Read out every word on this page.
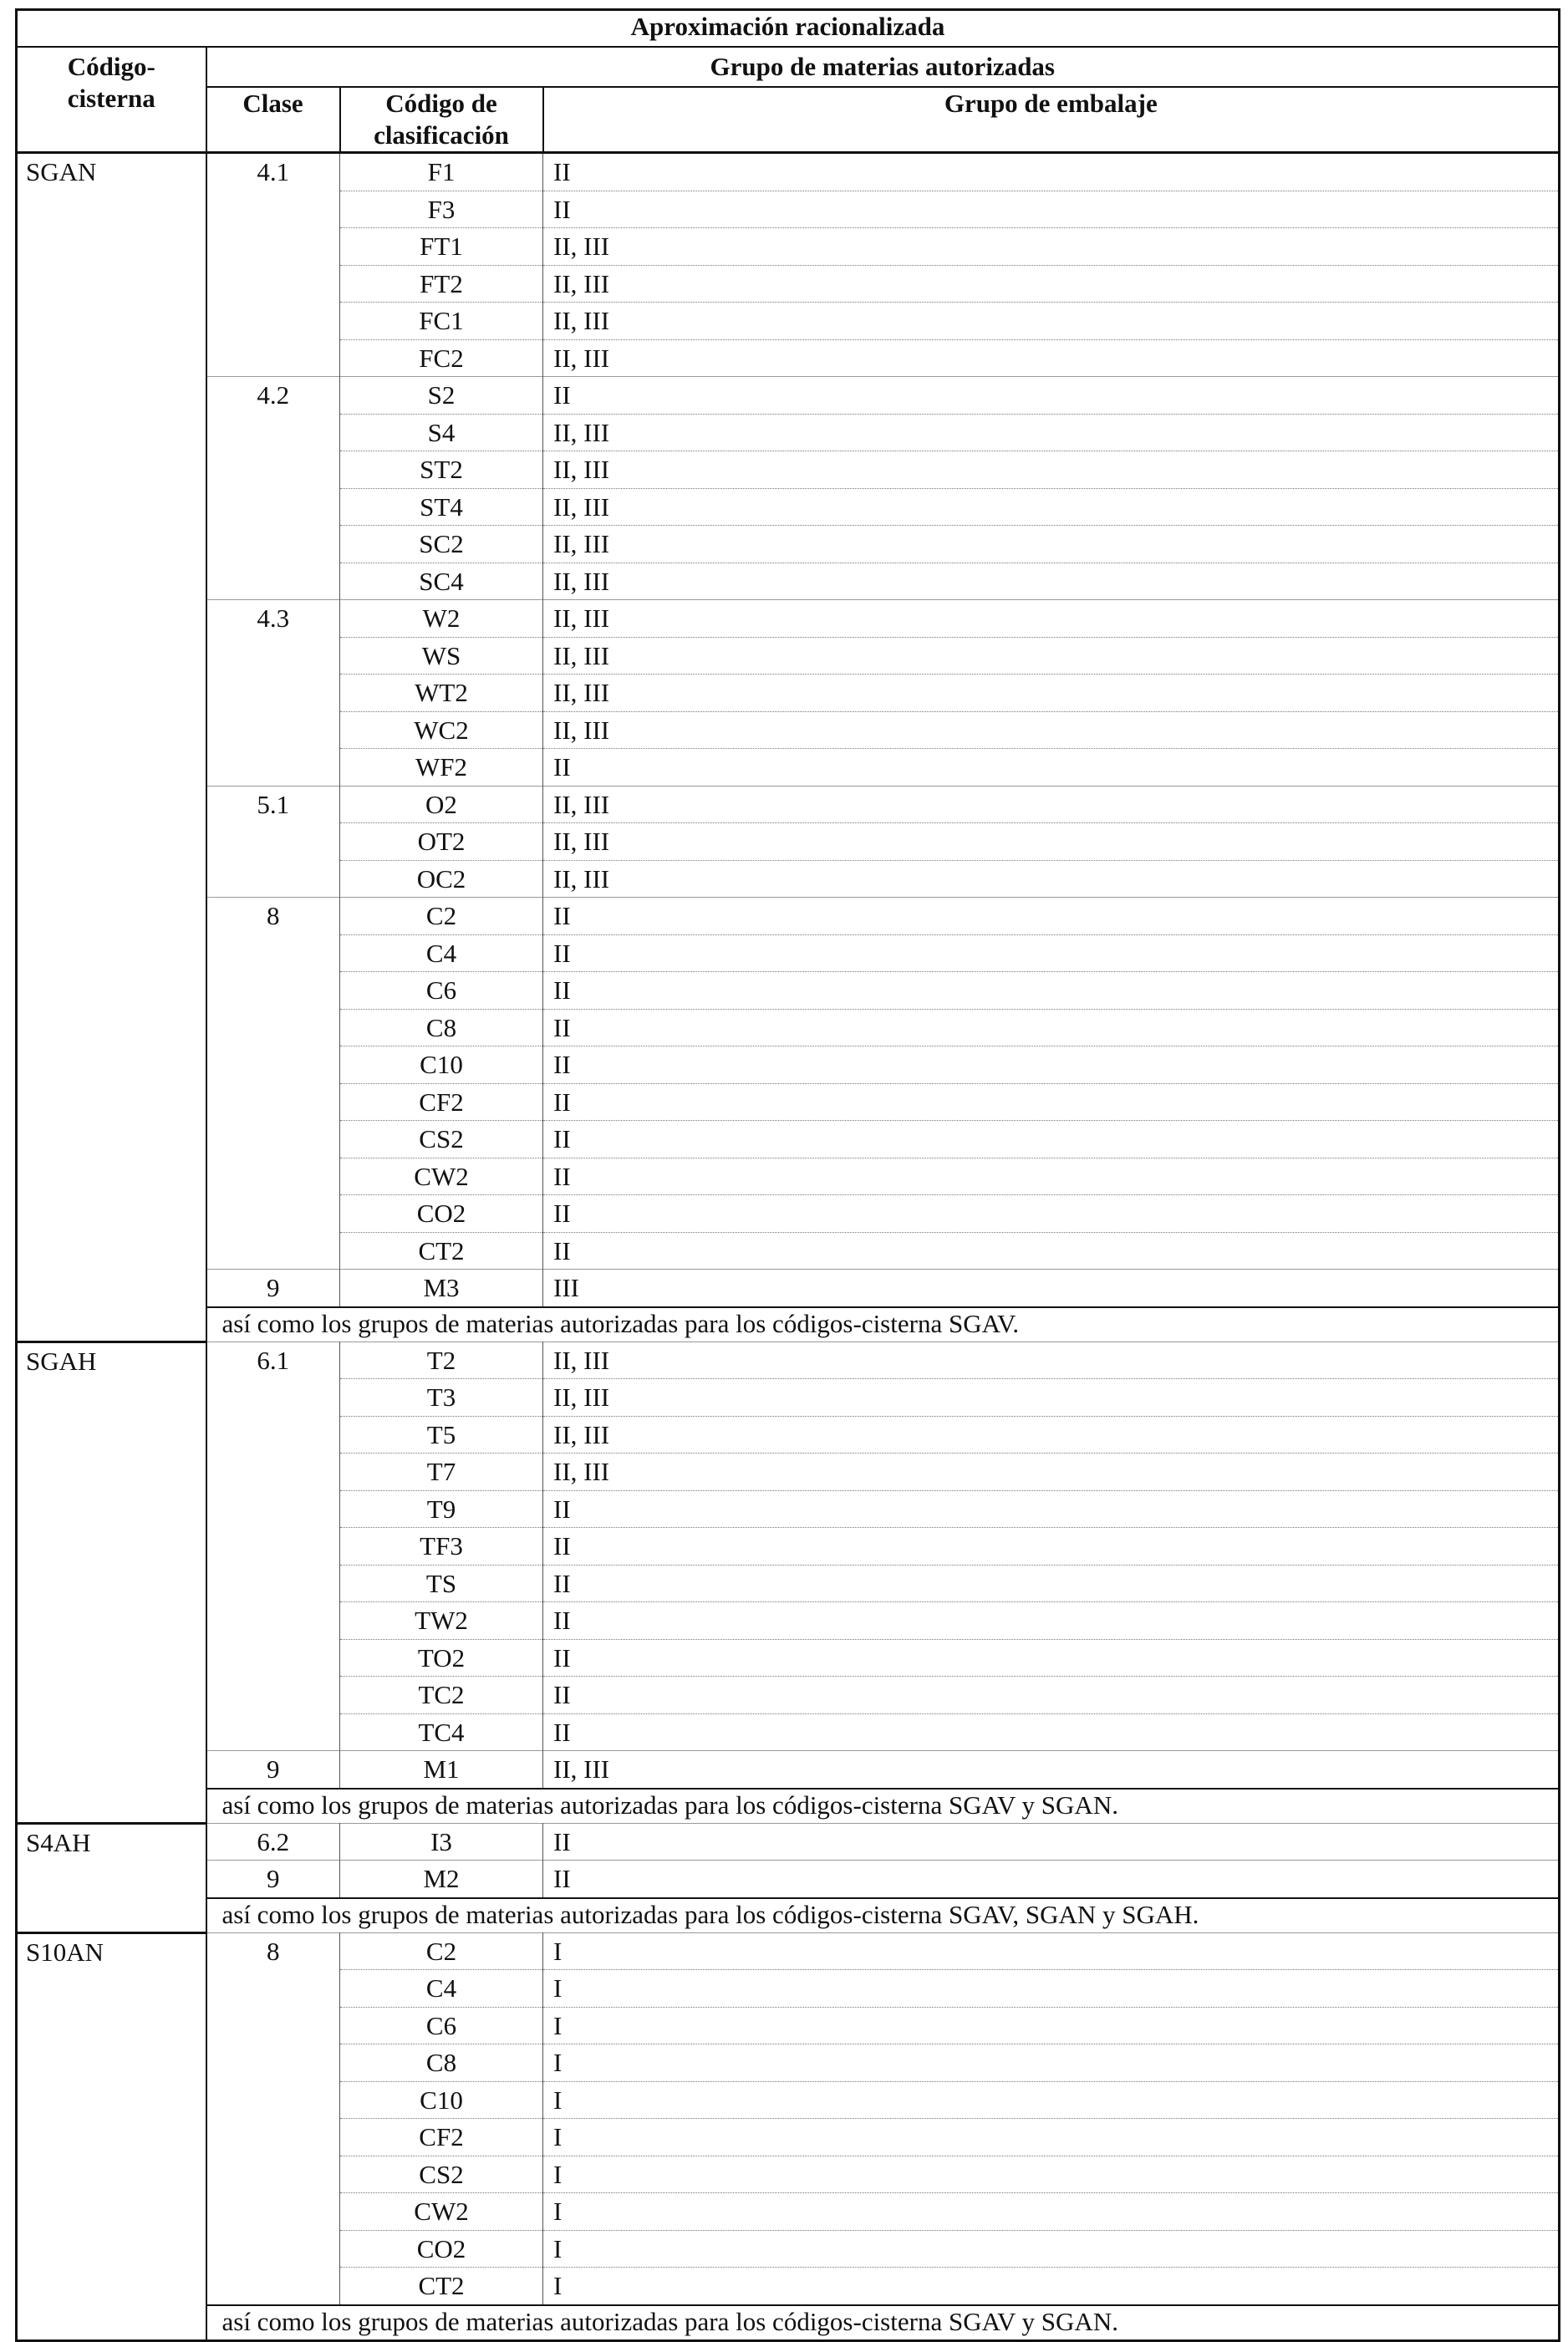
Aproximación racionalizada			

Código-
cisterna	Grupo de materias autorizadas		
	Clase	Código de
clasificación	Grupo de embalaje
SGAN	4.1	F1	II
		F3	II
		FT1	II, III
		FT2	II, III
		FC1	II, III
		FC2	II, III
	4.2	S2	II
		S4	II, III
		ST2	II, III
		ST4	II, III
		SC2	II, III
		SC4	II, III
	4.3	W2	II, III
		WS	II, III
		WT2	II, III
		WC2	II, III
		WF2	II
	5.1	O2	II, III
		OT2	II, III
		OC2	II, III
	8	C2	II
		C4	II
		C6	II
		C8	II
		C10	II
		CF2	II
		CS2	II
		CW2	II
		CO2	II
		CT2	II
	9	M3	III
	así como los grupos de materias autorizadas para los códigos-cisterna SGAV.		
SGAH	6.1	T2	II, III
		T3	II, III
		T5	II, III
		T7	II, III
		T9	II
		TF3	II
		TS	II
		TW2	II
		TO2	II
		TC2	II
		TC4	II
	9	M1	II, III
	así como los grupos de materias autorizadas para los códigos-cisterna SGAV y SGAN.		
S4AH	6.2	I3	II
	9	M2	II
	así como los grupos de materias autorizadas para los códigos-cisterna SGAV, SGAN y SGAH.		
S10AN	8	C2	I
		C4	I
		C6	I
		C8	I
		C10	I
		CF2	I
		CS2	I
		CW2	I
		CO2	I
		CT2	I
	así como los grupos de materias autorizadas para los códigos-cisterna SGAV y SGAN.		
